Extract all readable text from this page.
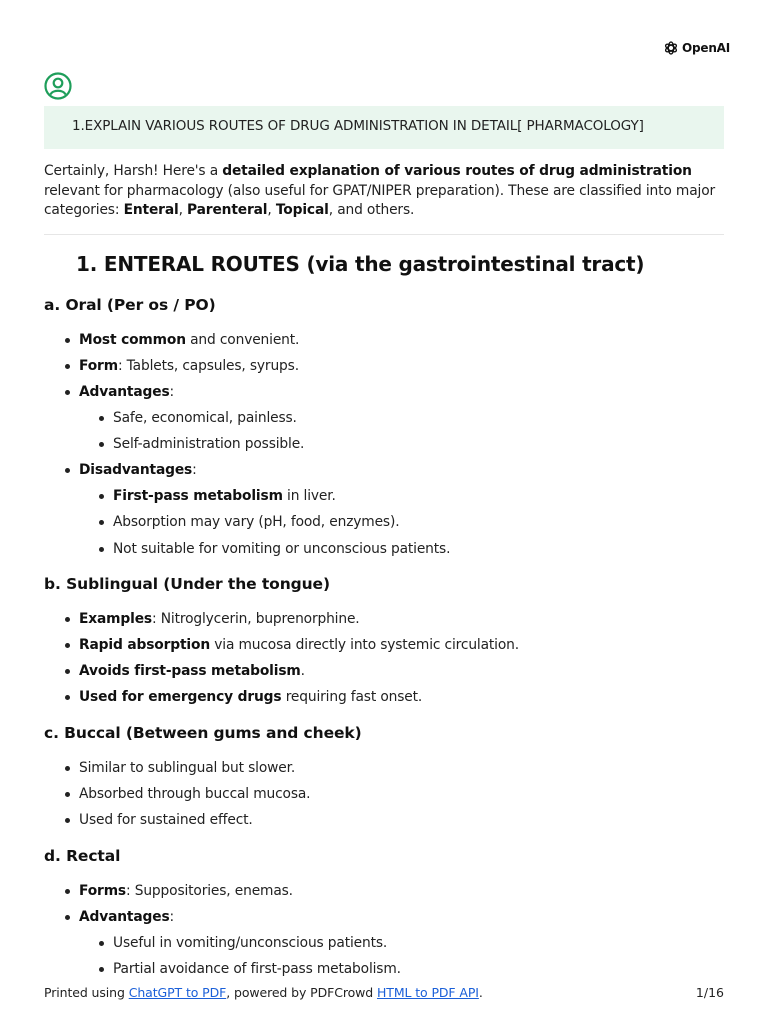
OpenAI
1.EXPLAIN VARIOUS ROUTES OF DRUG ADMINISTRATION IN DETAIL[ PHARMACOLOGY]
Certainly, Harsh! Here's a detailed explanation of various routes of drug administration relevant for pharmacology (also useful for GPAT/NIPER preparation). These are classified into major categories: Enteral, Parenteral, Topical, and others.
1. ENTERAL ROUTES (via the gastrointestinal tract)
a. Oral (Per os / PO)
Most common and convenient.
Form: Tablets, capsules, syrups.
Advantages:
Safe, economical, painless.
Self-administration possible.
Disadvantages:
First-pass metabolism in liver.
Absorption may vary (pH, food, enzymes).
Not suitable for vomiting or unconscious patients.
b. Sublingual (Under the tongue)
Examples: Nitroglycerin, buprenorphine.
Rapid absorption via mucosa directly into systemic circulation.
Avoids first-pass metabolism.
Used for emergency drugs requiring fast onset.
c. Buccal (Between gums and cheek)
Similar to sublingual but slower.
Absorbed through buccal mucosa.
Used for sustained effect.
d. Rectal
Forms: Suppositories, enemas.
Advantages:
Useful in vomiting/unconscious patients.
Partial avoidance of first-pass metabolism.
Printed using ChatGPT to PDF, powered by PDFCrowd HTML to PDF API.	1/16
